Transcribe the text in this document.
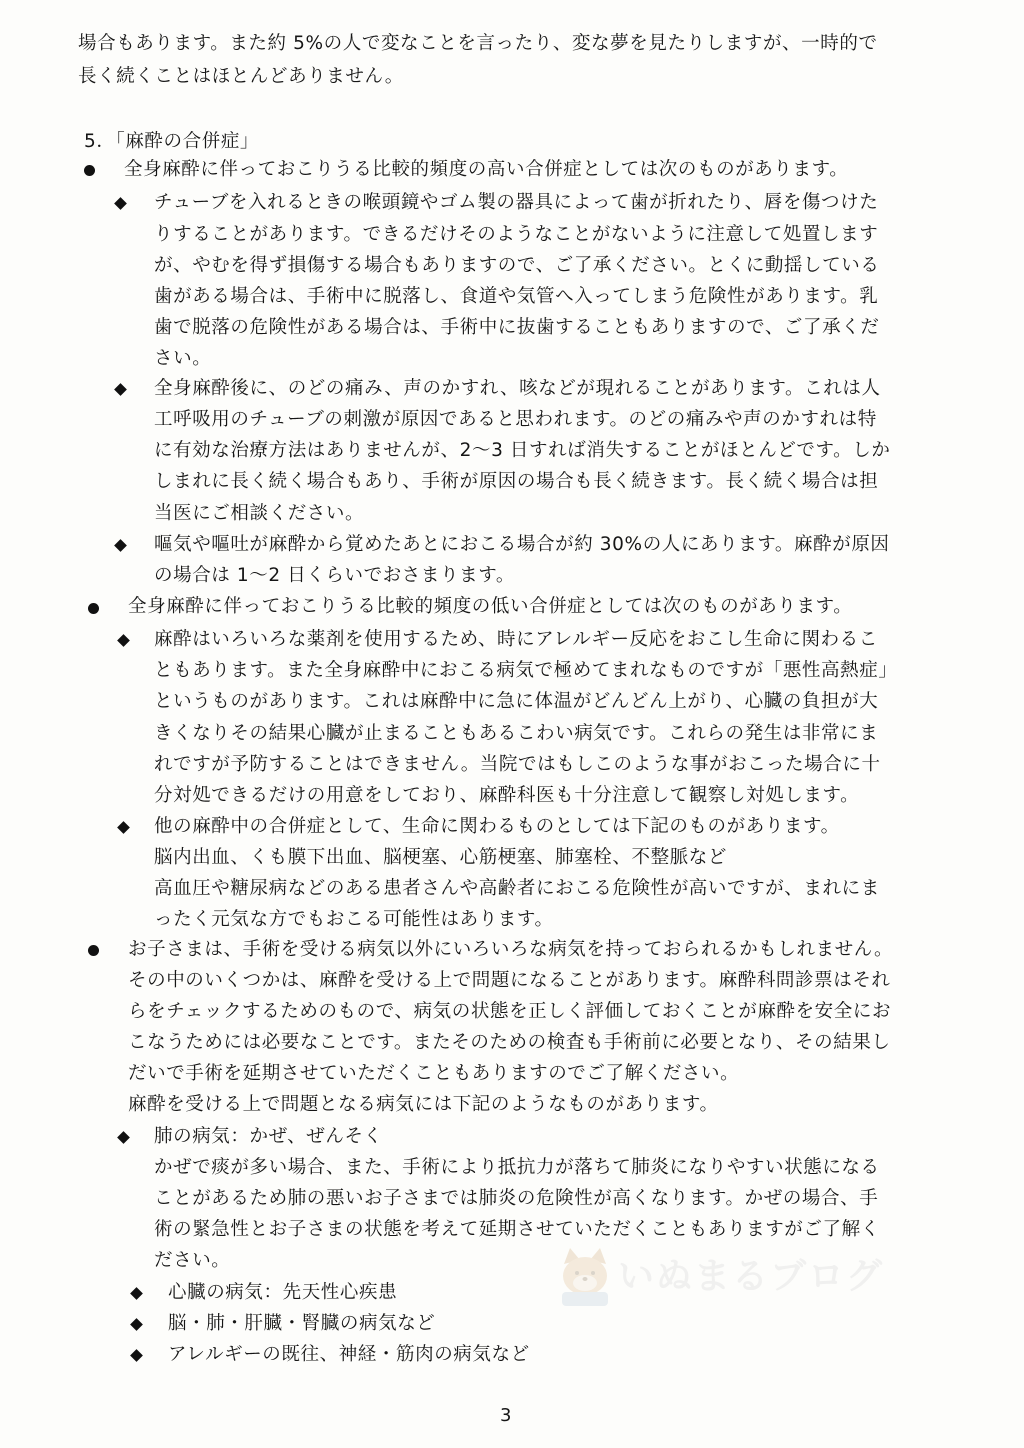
場合もあります。また約 5%の人で変なことを言ったり、変な夢を見たりしますが、一時的で
長く続くことはほとんどありません。
5．「麻酔の合併症」
全身麻酔に伴っておこりうる比較的頻度の高い合併症としては次のものがあります。
チューブを入れるときの喉頭鏡やゴム製の器具によって歯が折れたり、唇を傷つけた
りすることがあります。できるだけそのようなことがないように注意して処置します
が、やむを得ず損傷する場合もありますので、ご了承ください。とくに動揺している
歯がある場合は、手術中に脱落し、食道や気管へ入ってしまう危険性があります。乳
歯で脱落の危険性がある場合は、手術中に抜歯することもありますので、ご了承くだ
さい。
全身麻酔後に、のどの痛み、声のかすれ、咳などが現れることがあります。これは人
工呼吸用のチューブの刺激が原因であると思われます。のどの痛みや声のかすれは特
に有効な治療方法はありませんが、2〜3 日すれば消失することがほとんどです。しか
しまれに長く続く場合もあり、手術が原因の場合も長く続きます。長く続く場合は担
当医にご相談ください。
嘔気や嘔吐が麻酔から覚めたあとにおこる場合が約 30%の人にあります。麻酔が原因
の場合は 1〜2 日くらいでおさまります。
全身麻酔に伴っておこりうる比較的頻度の低い合併症としては次のものがあります。
麻酔はいろいろな薬剤を使用するため、時にアレルギー反応をおこし生命に関わるこ
ともあります。また全身麻酔中におこる病気で極めてまれなものですが「悪性高熱症」
というものがあります。これは麻酔中に急に体温がどんどん上がり、心臓の負担が大
きくなりその結果心臓が止まることもあるこわい病気です。これらの発生は非常にま
れですが予防することはできません。当院ではもしこのような事がおこった場合に十
分対処できるだけの用意をしており、麻酔科医も十分注意して観察し対処します。
他の麻酔中の合併症として、生命に関わるものとしては下記のものがあります。
脳内出血、くも膜下出血、脳梗塞、心筋梗塞、肺塞栓、不整脈など
高血圧や糖尿病などのある患者さんや高齢者におこる危険性が高いですが、まれにま
ったく元気な方でもおこる可能性はあります。
お子さまは、手術を受ける病気以外にいろいろな病気を持っておられるかもしれません。
その中のいくつかは、麻酔を受ける上で問題になることがあります。麻酔科問診票はそれ
らをチェックするためのもので、病気の状態を正しく評価しておくことが麻酔を安全にお
こなうためには必要なことです。またそのための検査も手術前に必要となり、その結果し
だいで手術を延期させていただくこともありますのでご了解ください。
麻酔を受ける上で問題となる病気には下記のようなものがあります。
肺の病気：かぜ、ぜんそく
かぜで痰が多い場合、また、手術により抵抗力が落ちて肺炎になりやすい状態になる
ことがあるため肺の悪いお子さまでは肺炎の危険性が高くなります。かぜの場合、手
術の緊急性とお子さまの状態を考えて延期させていただくこともありますがご了解く
ださい。
心臓の病気：先天性心疾患
脳・肺・肝臓・腎臓の病気など
アレルギーの既往、神経・筋肉の病気など
いぬまるブログ
3
